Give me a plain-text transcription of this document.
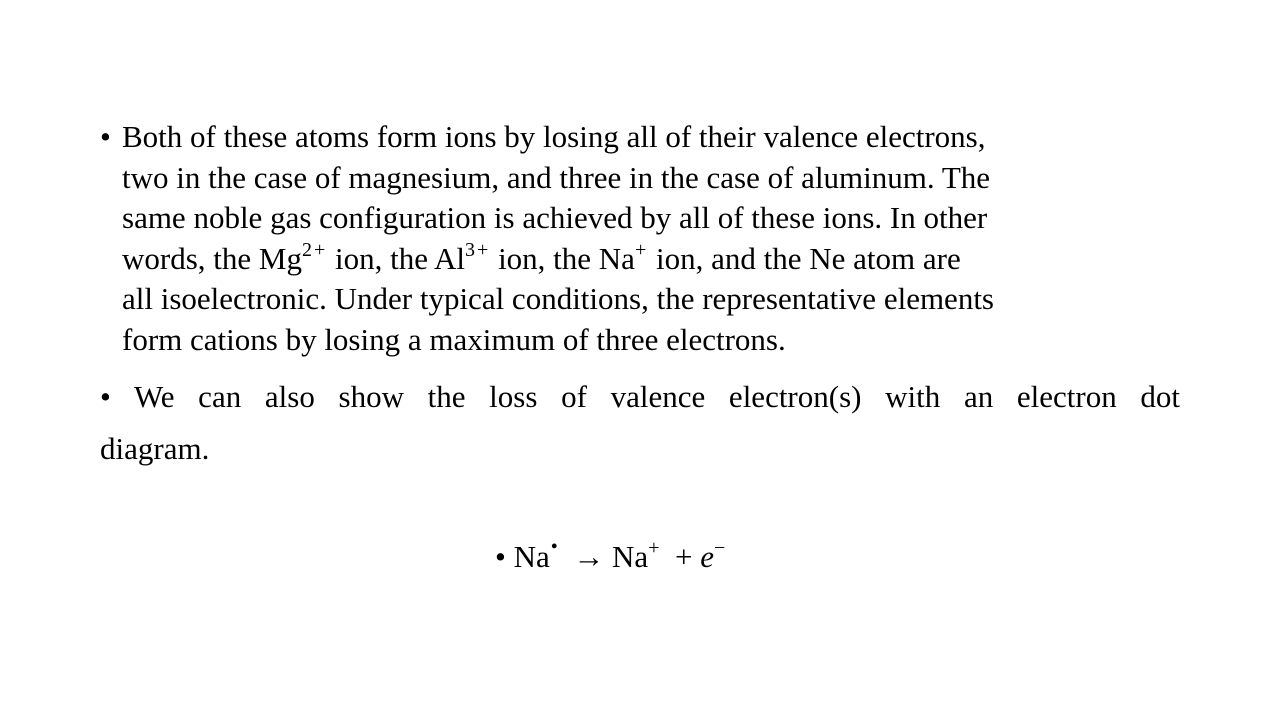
• Both of these atoms form ions by losing all of their valence electrons,
two in the case of magnesium, and three in the case of aluminum. The
same noble gas configuration is achieved by all of these ions. In other
words, the $Mg^{2+}$ ion, the $Al^{3+}$ ion, the Na+ ion, and the Ne atom are
all isoelectronic. Under typical conditions, the representative elements
form cations by losing a maximum of three electrons.
• We can also show the loss of valence electron(s) with an electron dot
diagram.
• Na• → Na+ + e−
